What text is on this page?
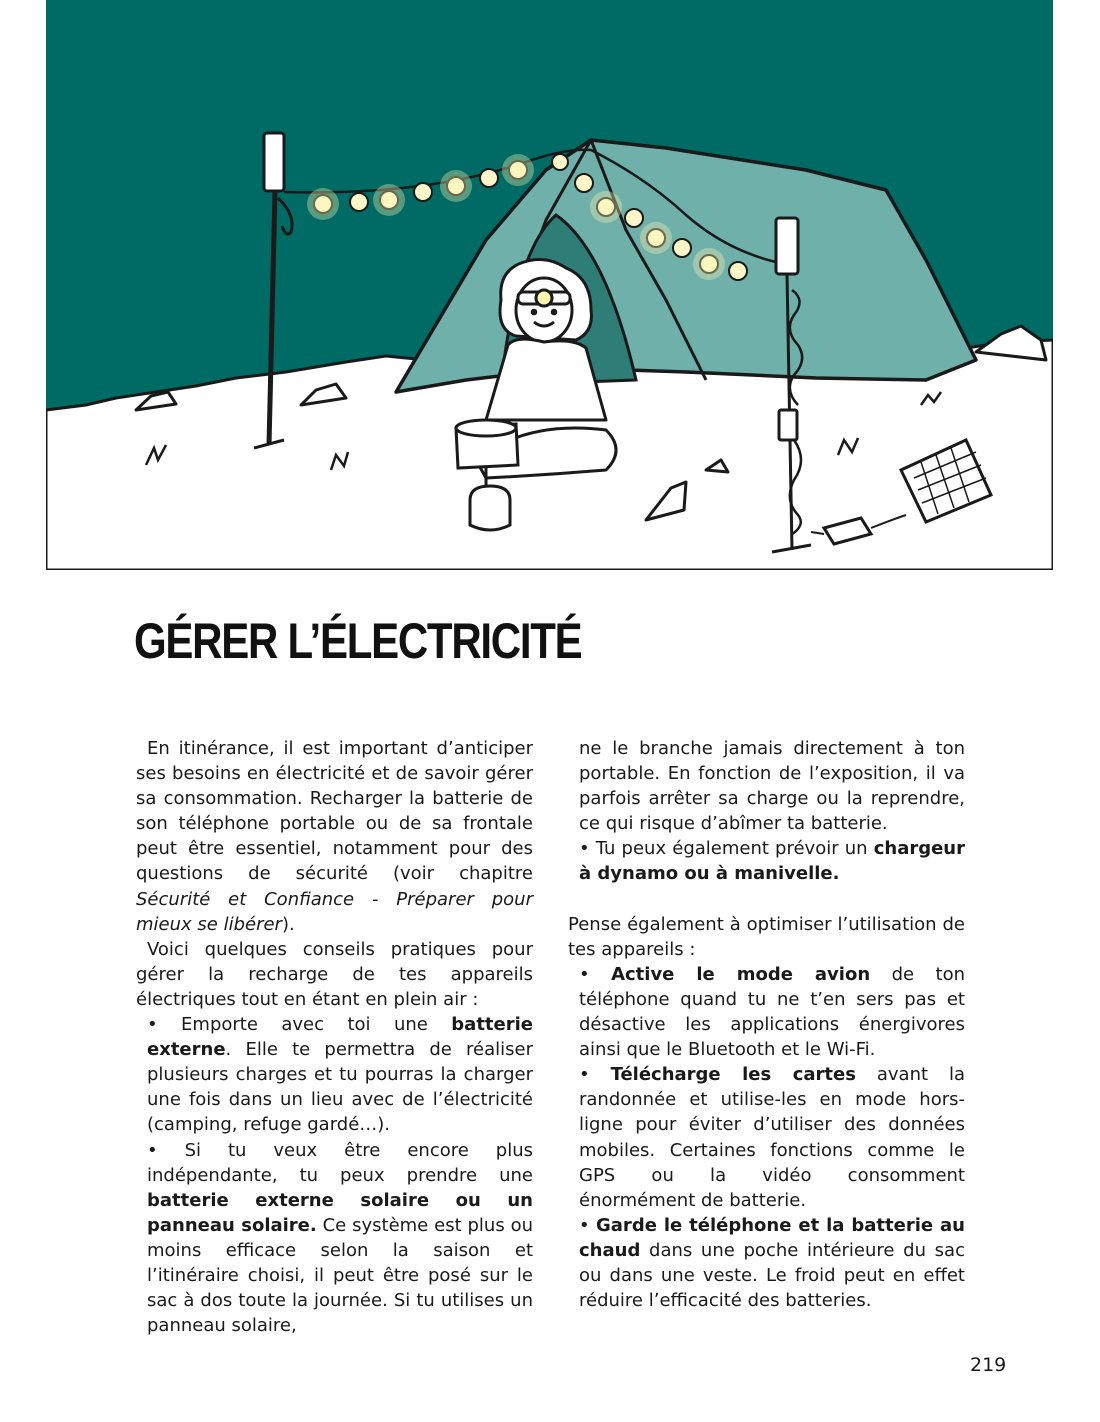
GÉRER L’ÉLECTRICITÉ

En itinérance, il est important d’anticiper ses besoins en électricité et de savoir gérer sa consommation. Recharger la batterie de son téléphone portable ou de sa frontale peut être essentiel, notamment pour des questions de sécurité (voir chapitre Sécurité et Confiance - Préparer pour mieux se libérer).

Voici quelques conseils pratiques pour gérer la recharge de tes appareils électriques tout en étant en plein air :

• Emporte avec toi une batterie externe. Elle te permettra de réaliser plusieurs charges et tu pourras la charger une fois dans un lieu avec de l’électricité (camping, refuge gardé…).

• Si tu veux être encore plus indépendante, tu peux prendre une batterie externe solaire ou un panneau solaire. Ce système est plus ou moins efficace selon la saison et l’itinéraire choisi, il peut être posé sur le sac à dos toute la journée. Si tu utilises un panneau solaire,

ne le branche jamais directement à ton portable. En fonction de l’exposition, il va parfois arrêter sa charge ou la reprendre, ce qui risque d’abîmer ta batterie.

• Tu peux également prévoir un chargeur à dynamo ou à manivelle.

Pense également à optimiser l’utilisation de tes appareils :

• Active le mode avion de ton téléphone quand tu ne t’en sers pas et désactive les applications énergivores ainsi que le Bluetooth et le Wi-Fi.

• Télécharge les cartes avant la randonnée et utilise-les en mode hors-ligne pour éviter d’utiliser des données mobiles. Certaines fonctions comme le GPS ou la vidéo consomment énormément de batterie.

• Garde le téléphone et la batterie au chaud dans une poche intérieure du sac ou dans une veste. Le froid peut en effet réduire l’efficacité des batteries.

219
